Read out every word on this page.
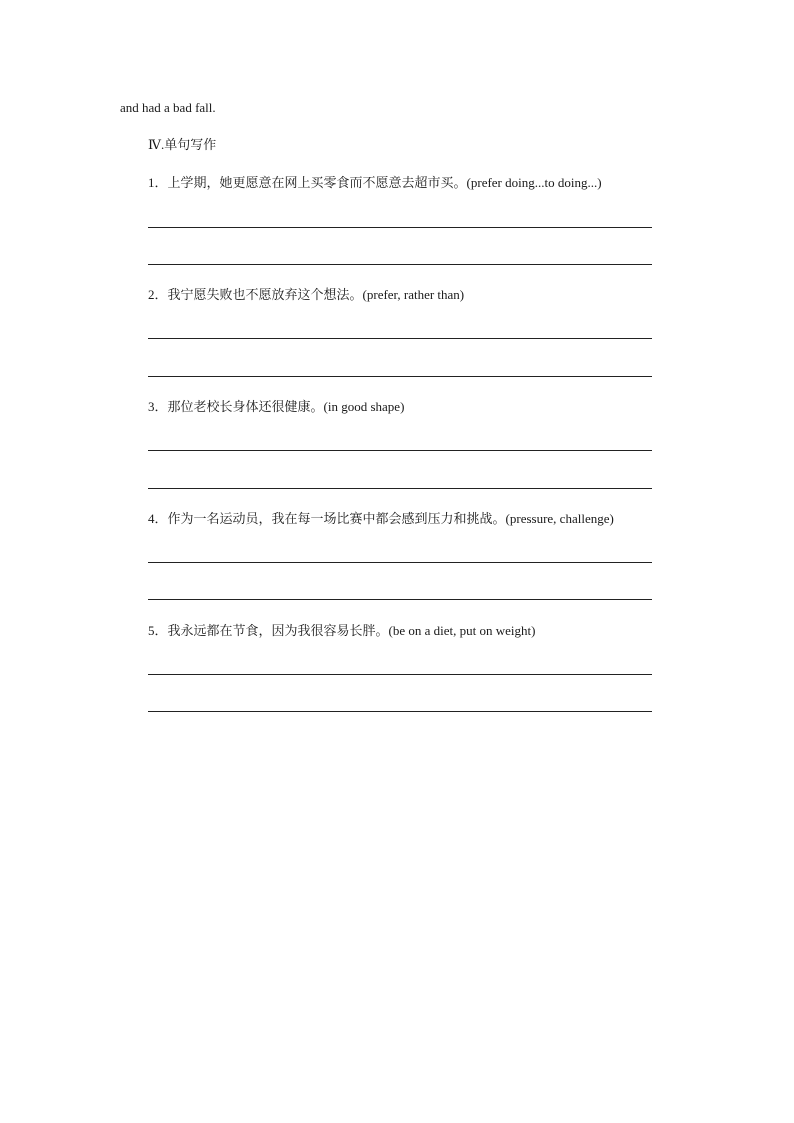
and had a bad fall.
Ⅳ.单句写作
1．上学期，她更愿意在网上买零食而不愿意去超市买。(prefer doing...to doing...)
2．我宁愿失败也不愿放弃这个想法。(prefer, rather than)
3．那位老校长身体还很健康。(in good shape)
4．作为一名运动员，我在每一场比赛中都会感到压力和挑战。(pressure, challenge)
5．我永远都在节食，因为我很容易长胖。(be on a diet, put on weight)
